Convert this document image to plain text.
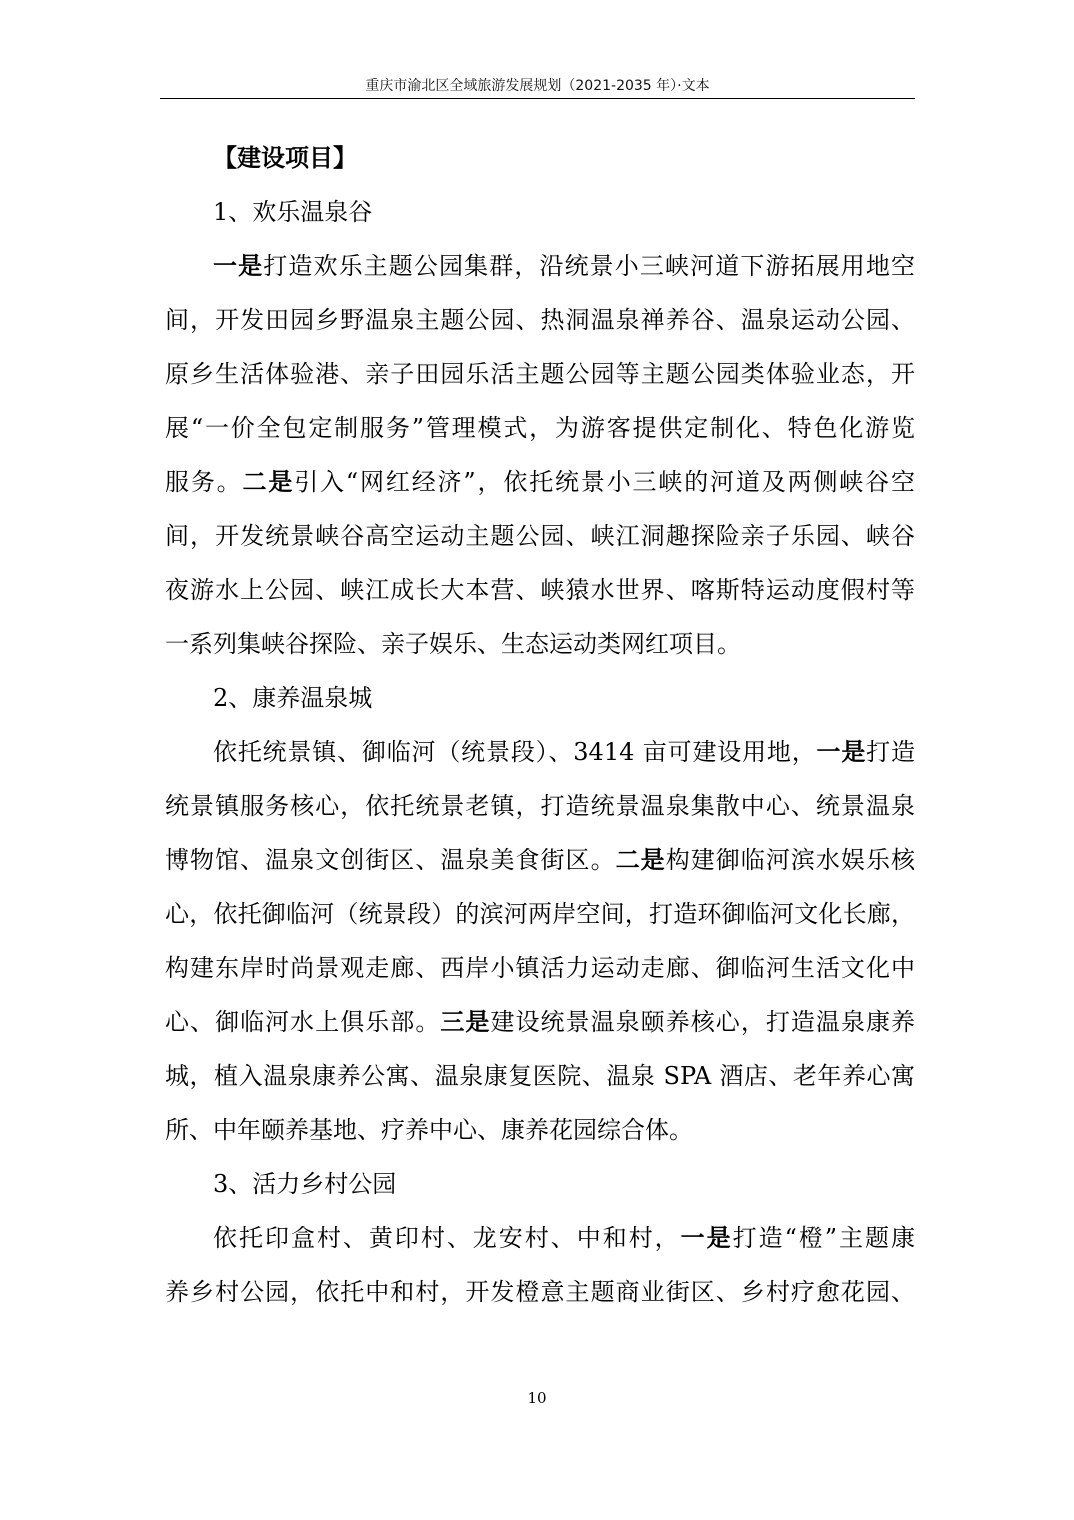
重庆市渝北区全域旅游发展规划（2021-2035 年）·文本
【建设项目】
1、欢乐温泉谷
一是打造欢乐主题公园集群，沿统景小三峡河道下游拓展用地空
间，开发田园乡野温泉主题公园、热洞温泉禅养谷、温泉运动公园、
原乡生活体验港、亲子田园乐活主题公园等主题公园类体验业态，开
展“一价全包定制服务”管理模式，为游客提供定制化、特色化游览
服务。二是引入“网红经济”，依托统景小三峡的河道及两侧峡谷空
间，开发统景峡谷高空运动主题公园、峡江洞趣探险亲子乐园、峡谷
夜游水上公园、峡江成长大本营、峡猿水世界、喀斯特运动度假村等
一系列集峡谷探险、亲子娱乐、生态运动类网红项目。
2、康养温泉城
依托统景镇、御临河（统景段）、3414 亩可建设用地，一是打造
统景镇服务核心，依托统景老镇，打造统景温泉集散中心、统景温泉
博物馆、温泉文创街区、温泉美食街区。二是构建御临河滨水娱乐核
心，依托御临河（统景段）的滨河两岸空间，打造环御临河文化长廊，
构建东岸时尚景观走廊、西岸小镇活力运动走廊、御临河生活文化中
心、御临河水上俱乐部。三是建设统景温泉颐养核心，打造温泉康养
城，植入温泉康养公寓、温泉康复医院、温泉 SPA 酒店、老年养心寓
所、中年颐养基地、疗养中心、康养花园综合体。
3、活力乡村公园
依托印盒村、黄印村、龙安村、中和村，一是打造“橙”主题康
养乡村公园，依托中和村，开发橙意主题商业街区、乡村疗愈花园、
10
